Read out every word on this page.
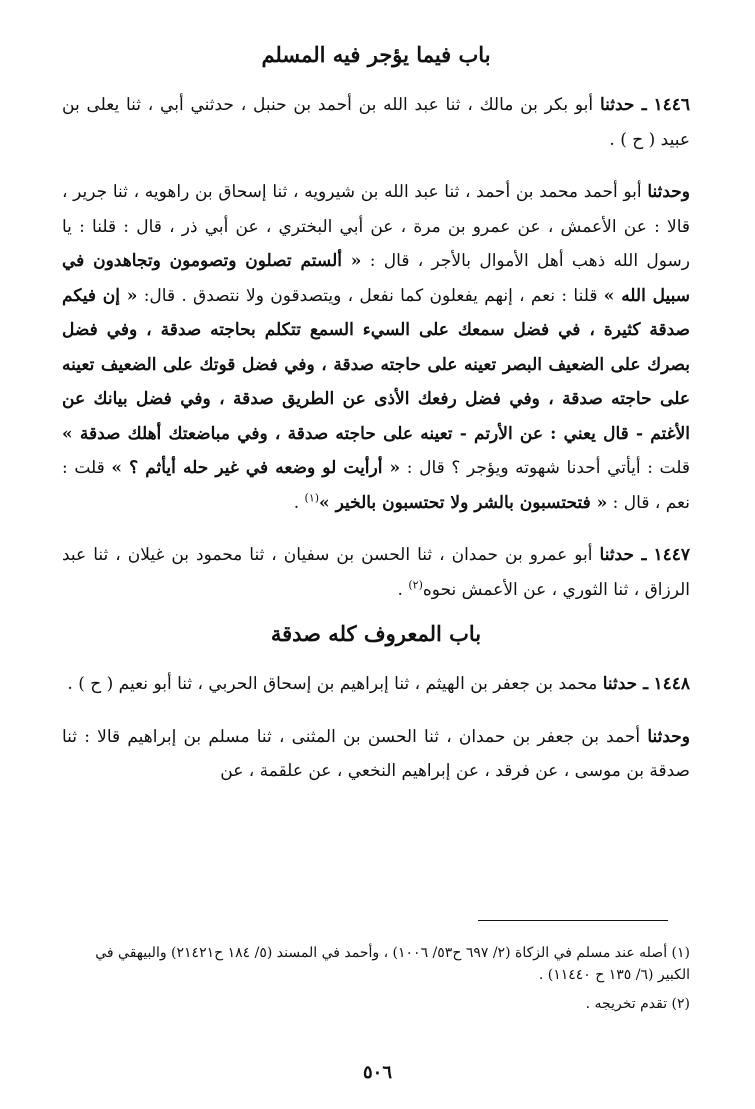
باب فيما يؤجر فيه المسلم

١٤٤٦ ـ حدثنا أبو بكر بن مالك ، ثنا عبد الله بن أحمد بن حنبل ، حدثني أبي ، ثنا يعلى بن عبيد ( ح ) .

وحدثنا أبو أحمد محمد بن أحمد ، ثنا عبد الله بن شيرويه ، ثنا إسحاق بن راهويه ، ثنا جرير ، قالا : عن الأعمش ، عن عمرو بن مرة ، عن أبي البختري ، عن أبي ذر ، قال : قلنا : يا رسول الله ذهب أهل الأموال بالأجر ، قال : « ألستم تصلون وتصومون وتجاهدون في سبيل الله » قلنا : نعم ، إنهم يفعلون كما نفعل ، ويتصدقون ولا نتصدق . قال: « إن فيكم صدقة كثيرة ، في فضل سمعك على السيء السمع تتكلم بحاجته صدقة ، وفي فضل بصرك على الضعيف البصر تعينه على حاجته صدقة ، وفي فضل قوتك على الضعيف تعينه على حاجته صدقة ، وفي فضل رفعك الأذى عن الطريق صدقة ، وفي فضل بيانك عن الأغتم - قال يعني : عن الأرتم - تعينه على حاجته صدقة ، وفي مباضعتك أهلك صدقة » قلت : أيأتي أحدنا شهوته ويؤجر ؟ قال : « أرأيت لو وضعه في غير حله أيأثم ؟ » قلت : نعم ، قال : « فتحتسبون بالشر ولا تحتسبون بالخير »$^{(١)}$ .

١٤٤٧ ـ حدثنا أبو عمرو بن حمدان ، ثنا الحسن بن سفيان ، ثنا محمود بن غيلان ، ثنا عبد الرزاق ، ثنا الثوري ، عن الأعمش نحوه$^{(٢)}$ .

باب المعروف كله صدقة

١٤٤٨ ـ حدثنا محمد بن جعفر بن الهيثم ، ثنا إبراهيم بن إسحاق الحربي ، ثنا أبو نعيم ( ح ) .

وحدثنا أحمد بن جعفر بن حمدان ، ثنا الحسن بن المثنى ، ثنا مسلم بن إبراهيم قالا : ثنا صدقة بن موسى ، عن فرقد ، عن إبراهيم النخعي ، عن علقمة ، عن

(١) أصله عند مسلم في الزكاة (٢/ ٦٩٧ ح٥٣/ ١٠٠٦) ، وأحمد في المسند (٥/ ١٨٤ ح٢١٤٢١) والبيهقي في الكبير (٦/ ١٣٥ ح ١١٤٤٠) .

(٢) تقدم تخريجه .

٥٠٦
